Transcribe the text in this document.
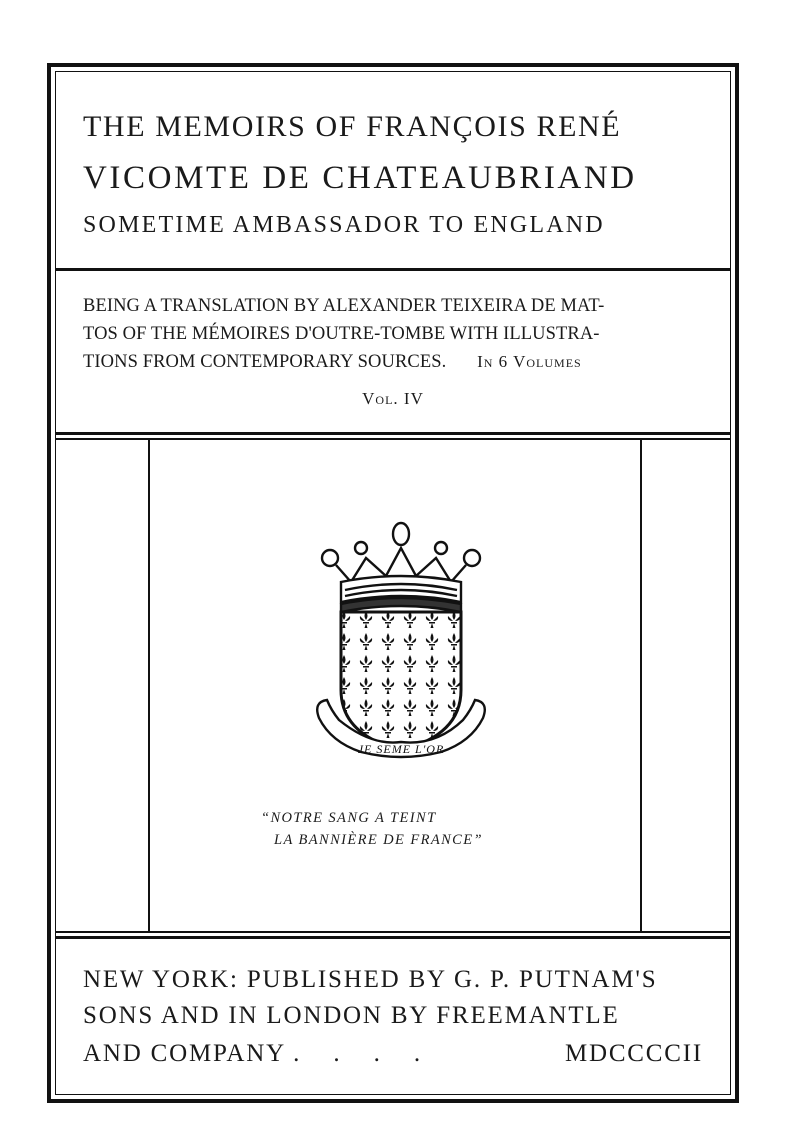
THE MEMOIRS OF FRANÇOIS RENÉ
VICOMTE DE CHATEAUBRIAND
SOMETIME AMBASSADOR TO ENGLAND
BEING A TRANSLATION BY ALEXANDER TEIXEIRA DE MAT-
TOS OF THE MÉMOIRES D'OUTRE-TOMBE WITH ILLUSTRA-
TIONS FROM CONTEMPORARY SOURCES. In 6 Volumes
Vol. IV
JE SEME L'OR
“NOTRE SANG A TEINT
LA BANNIÈRE DE FRANCE”
NEW YORK: PUBLISHED BY G. P. PUTNAM'S
SONS AND IN LONDON BY FREEMANTLE
AND COMPANY .    .    .    .	MDCCCCII
